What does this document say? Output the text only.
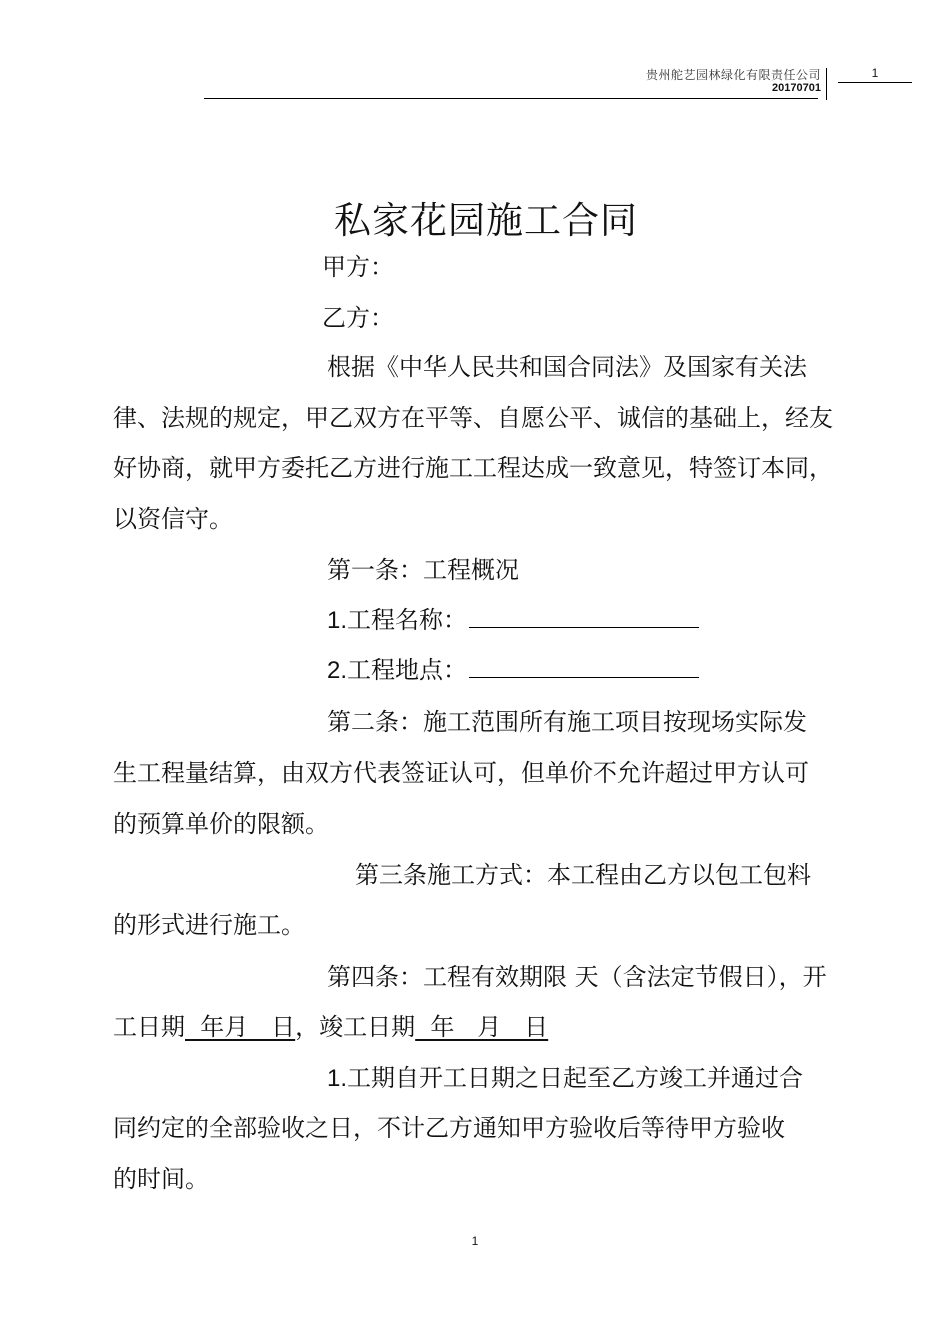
贵州舵艺园林绿化有限责任公司
20170701
1
私家花园施工合同
甲方：
乙方：
根据《中华人民共和国合同法》及国家有关法
律、法规的规定，甲乙双方在平等、自愿公平、诚信的基础上，经友
好协商，就甲方委托乙方进行施工工程达成一致意见，特签订本同，
以资信守。
第一条：工程概况
1.工程名称：
2.工程地点：
第二条：施工范围所有施工项目按现场实际发
生工程量结算，由双方代表签证认可，但单价不允许超过甲方认可
的预算单价的限额。
第三条施工方式：本工程由乙方以包工包料
的形式进行施工。
第四条：工程有效期限 天（含法定节假日），开
工日期  年月   日，竣工日期  年   月   日
1.工期自开工日期之日起至乙方竣工并通过合
同约定的全部验收之日，不计乙方通知甲方验收后等待甲方验收
的时间。
1
